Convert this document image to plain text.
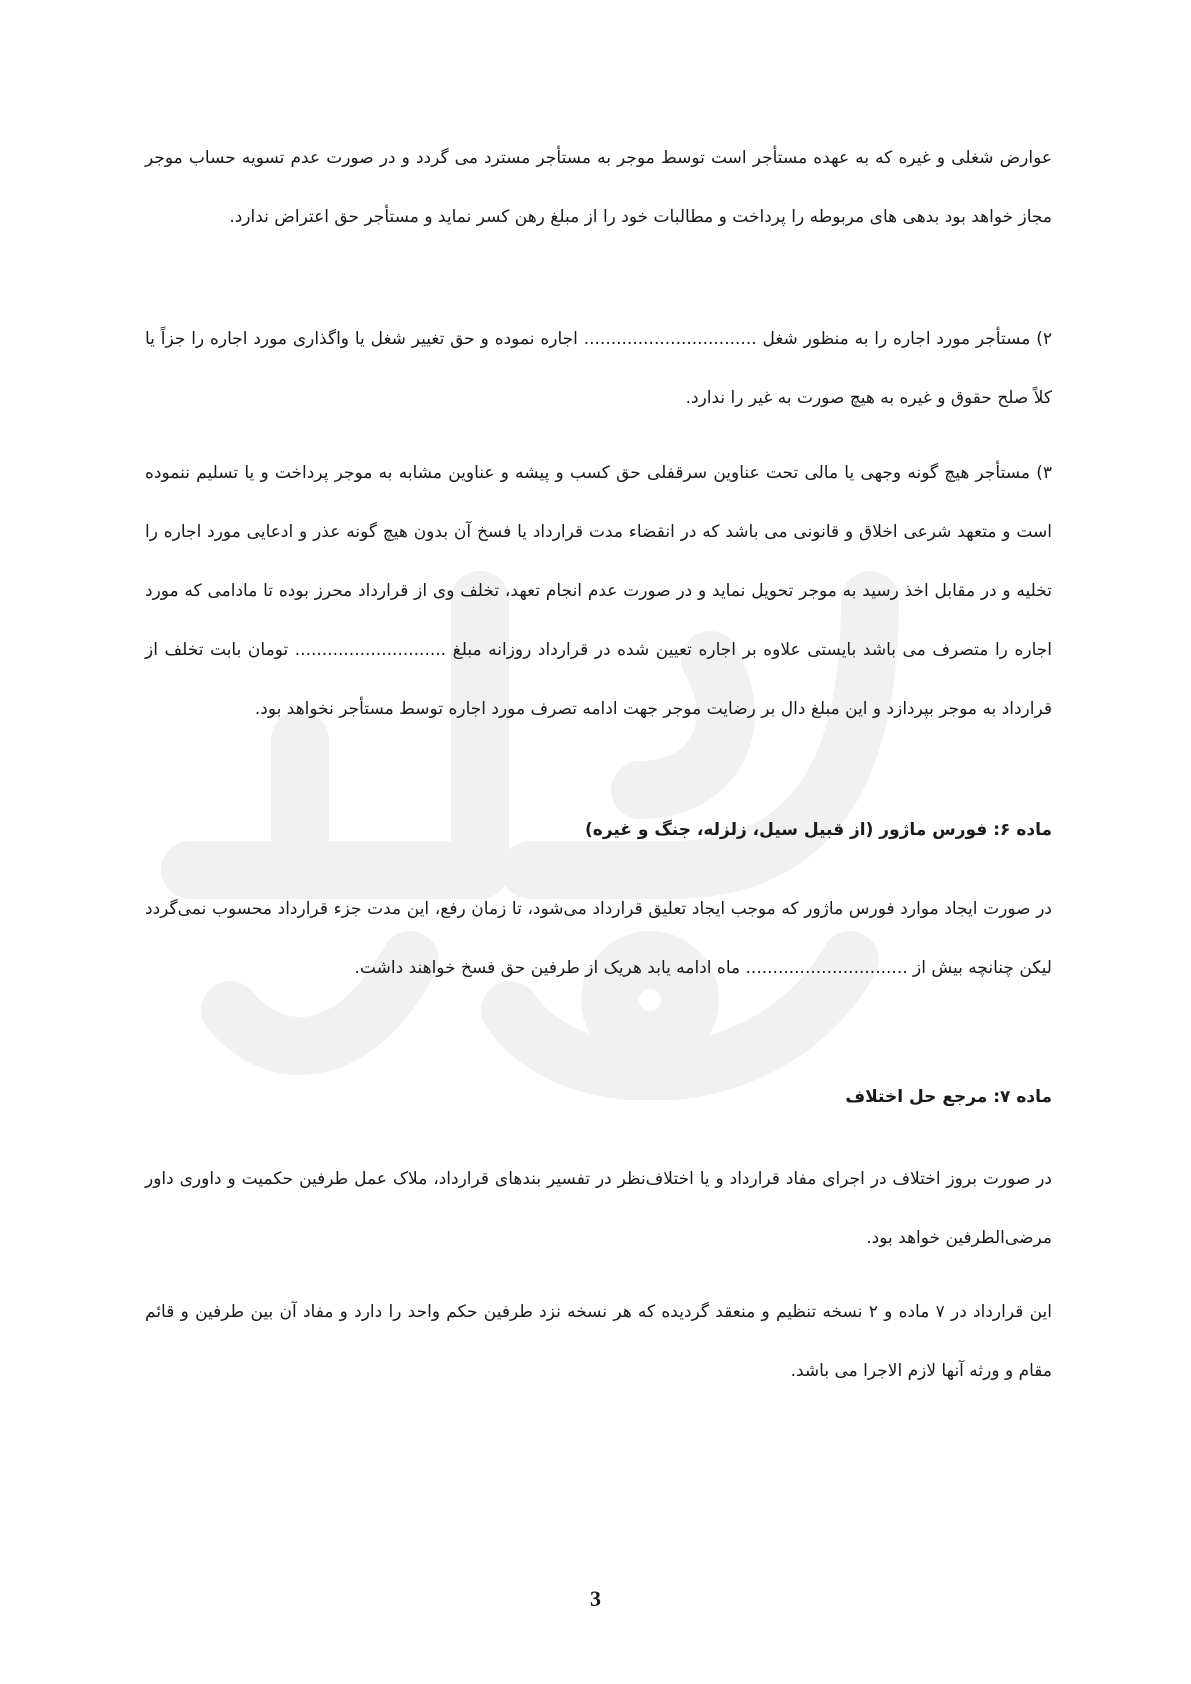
عوارض شغلی و غیره که به عهده مستأجر است توسط موجر به مستأجر مسترد می گردد و در صورت عدم تسویه حساب موجر مجاز خواهد بود بدهی های مربوطه را پرداخت و مطالبات خود را از مبلغ رهن کسر نماید و مستأجر حق اعتراض ندارد.

۲) مستأجر مورد اجاره را به منظور شغل ................................ اجاره نموده و حق تغییر شغل یا واگذاری مورد اجاره را جزاً یا کلاً صلح حقوق و غیره به هیچ صورت به غیر را ندارد.

۳) مستأجر هیچ گونه وجهی یا مالی تحت عناوین سرقفلی حق کسب و پیشه و عناوین مشابه به موجر پرداخت و یا تسلیم ننموده است و متعهد شرعی اخلاق و قانونی می باشد که در انقضاء مدت قرارداد یا فسخ آن بدون هیچ گونه عذر و ادعایی مورد اجاره را تخلیه و در مقابل اخذ رسید به موجر تحویل نماید و در صورت عدم انجام تعهد، تخلف وی از قرارداد محرز بوده تا مادامی که مورد اجاره را متصرف می باشد بایستی علاوه بر اجاره تعیین شده در قرارداد روزانه مبلغ ............................ تومان بابت تخلف از قرارداد به موجر بپردازد و این مبلغ دال بر رضایت موجر جهت ادامه تصرف مورد اجاره توسط مستأجر نخواهد بود.

ماده ۶: فورس ماژور (از قبیل سیل، زلزله، جنگ و غیره)

در صورت ایجاد موارد فورس ماژور که موجب ایجاد تعلیق قرارداد می‌شود، تا زمان رفع، این مدت جزء قرارداد محسوب نمی‌گردد لیکن چنانچه بیش از .............................. ماه ادامه یابد هریک از طرفین حق فسخ خواهند داشت.

ماده ۷: مرجع حل اختلاف

در صورت بروز اختلاف در اجرای مفاد قرارداد و یا اختلاف‌نظر در تفسیر بندهای قرارداد، ملاک عمل طرفین حکمیت و داوری داور مرضی‌الطرفین خواهد بود.

این قرارداد در ۷ ماده و ۲ نسخه تنظیم و منعقد گردیده که هر نسخه نزد طرفین حکم واحد را دارد و مفاد آن بین طرفین و قائم مقام و ورثه آنها لازم الاجرا می باشد.

3
